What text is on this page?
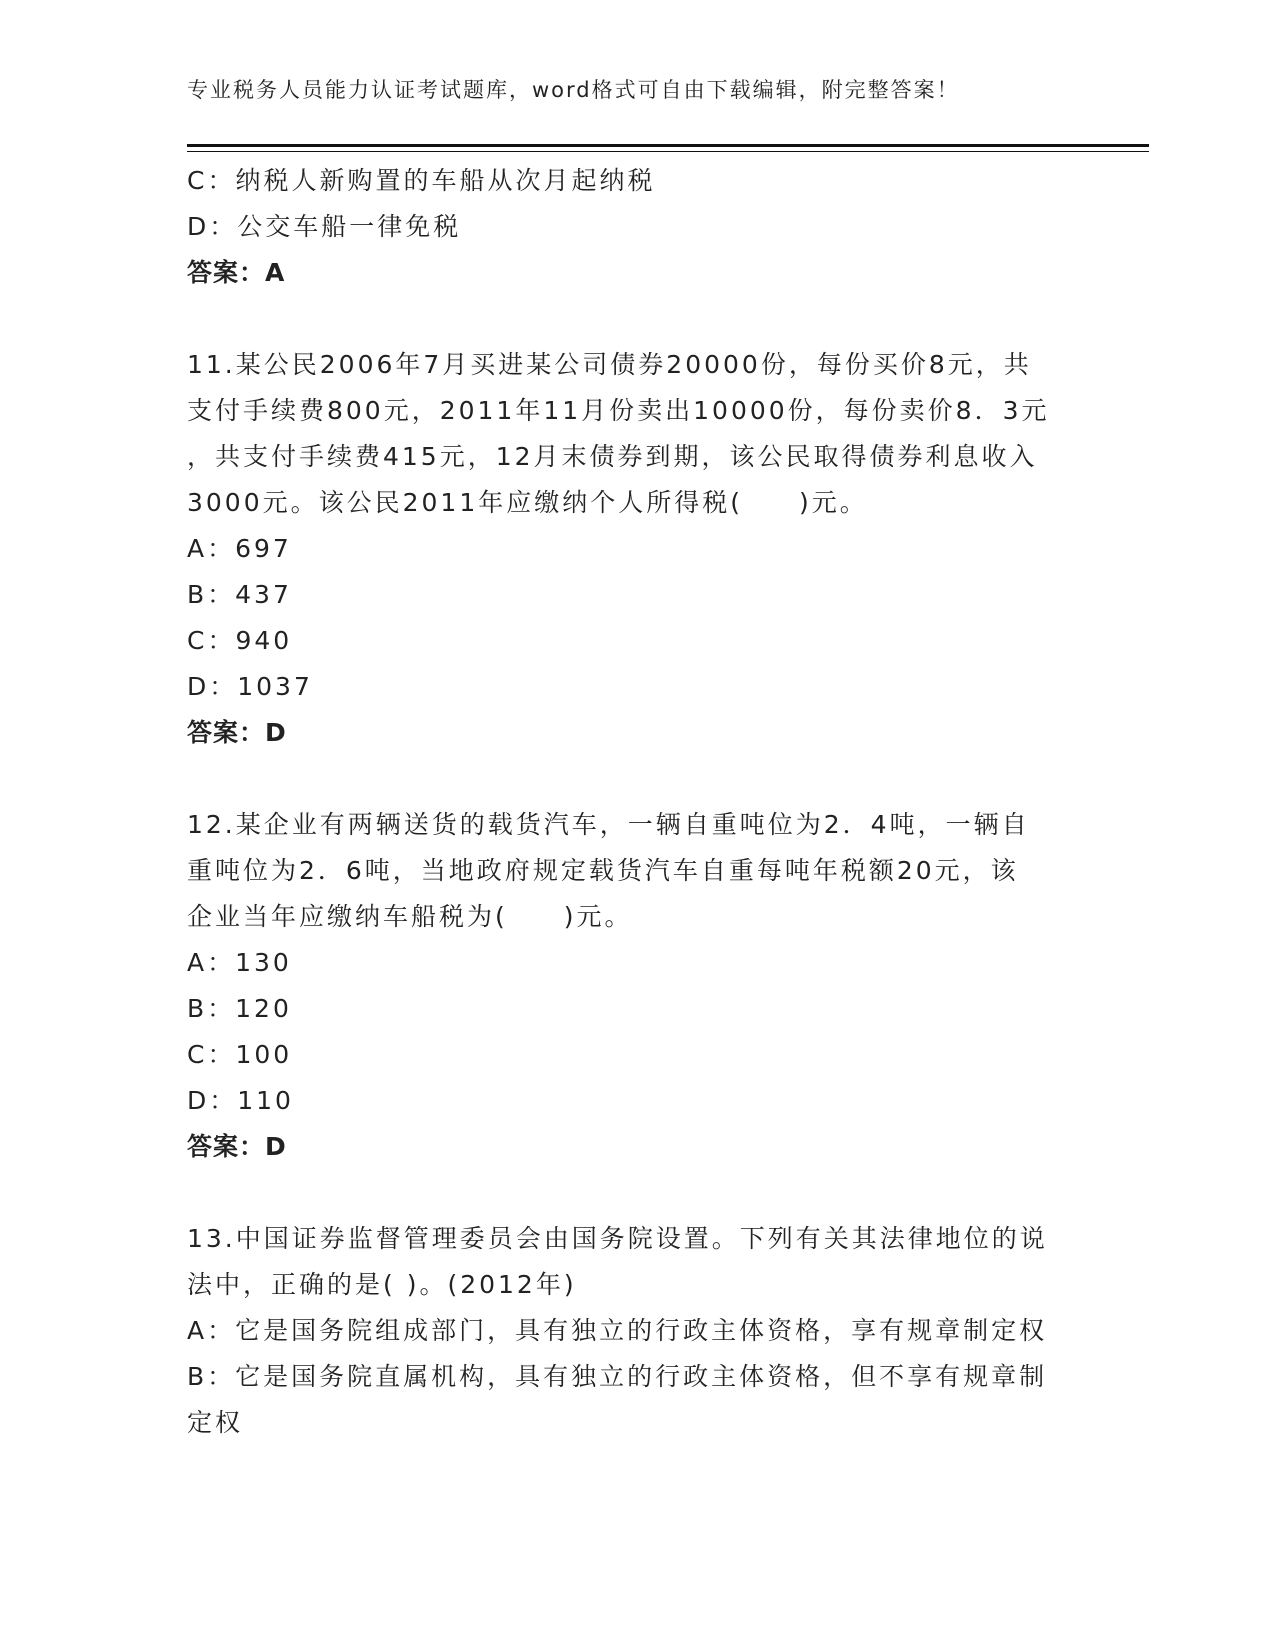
专业税务人员能力认证考试题库，word格式可自由下载编辑，附完整答案！
C：纳税人新购置的车船从次月起纳税
D：公交车船一律免税
答案：A
11.某公民2006年7月买进某公司债券20000份，每份买价8元，共
支付手续费800元，2011年11月份卖出10000份，每份卖价8．3元
，共支付手续费415元，12月末债券到期，该公民取得债券利息收入
3000元。该公民2011年应缴纳个人所得税(　　)元。
A：697
B：437
C：940
D：1037
答案：D
12.某企业有两辆送货的载货汽车，一辆自重吨位为2．4吨，一辆自
重吨位为2．6吨，当地政府规定载货汽车自重每吨年税额20元，该
企业当年应缴纳车船税为(　　)元。
A：130
B：120
C：100
D：110
答案：D
13.中国证券监督管理委员会由国务院设置。下列有关其法律地位的说
法中，正确的是( )。(2012年)
A：它是国务院组成部门，具有独立的行政主体资格，享有规章制定权
B：它是国务院直属机构，具有独立的行政主体资格，但不享有规章制
定权
